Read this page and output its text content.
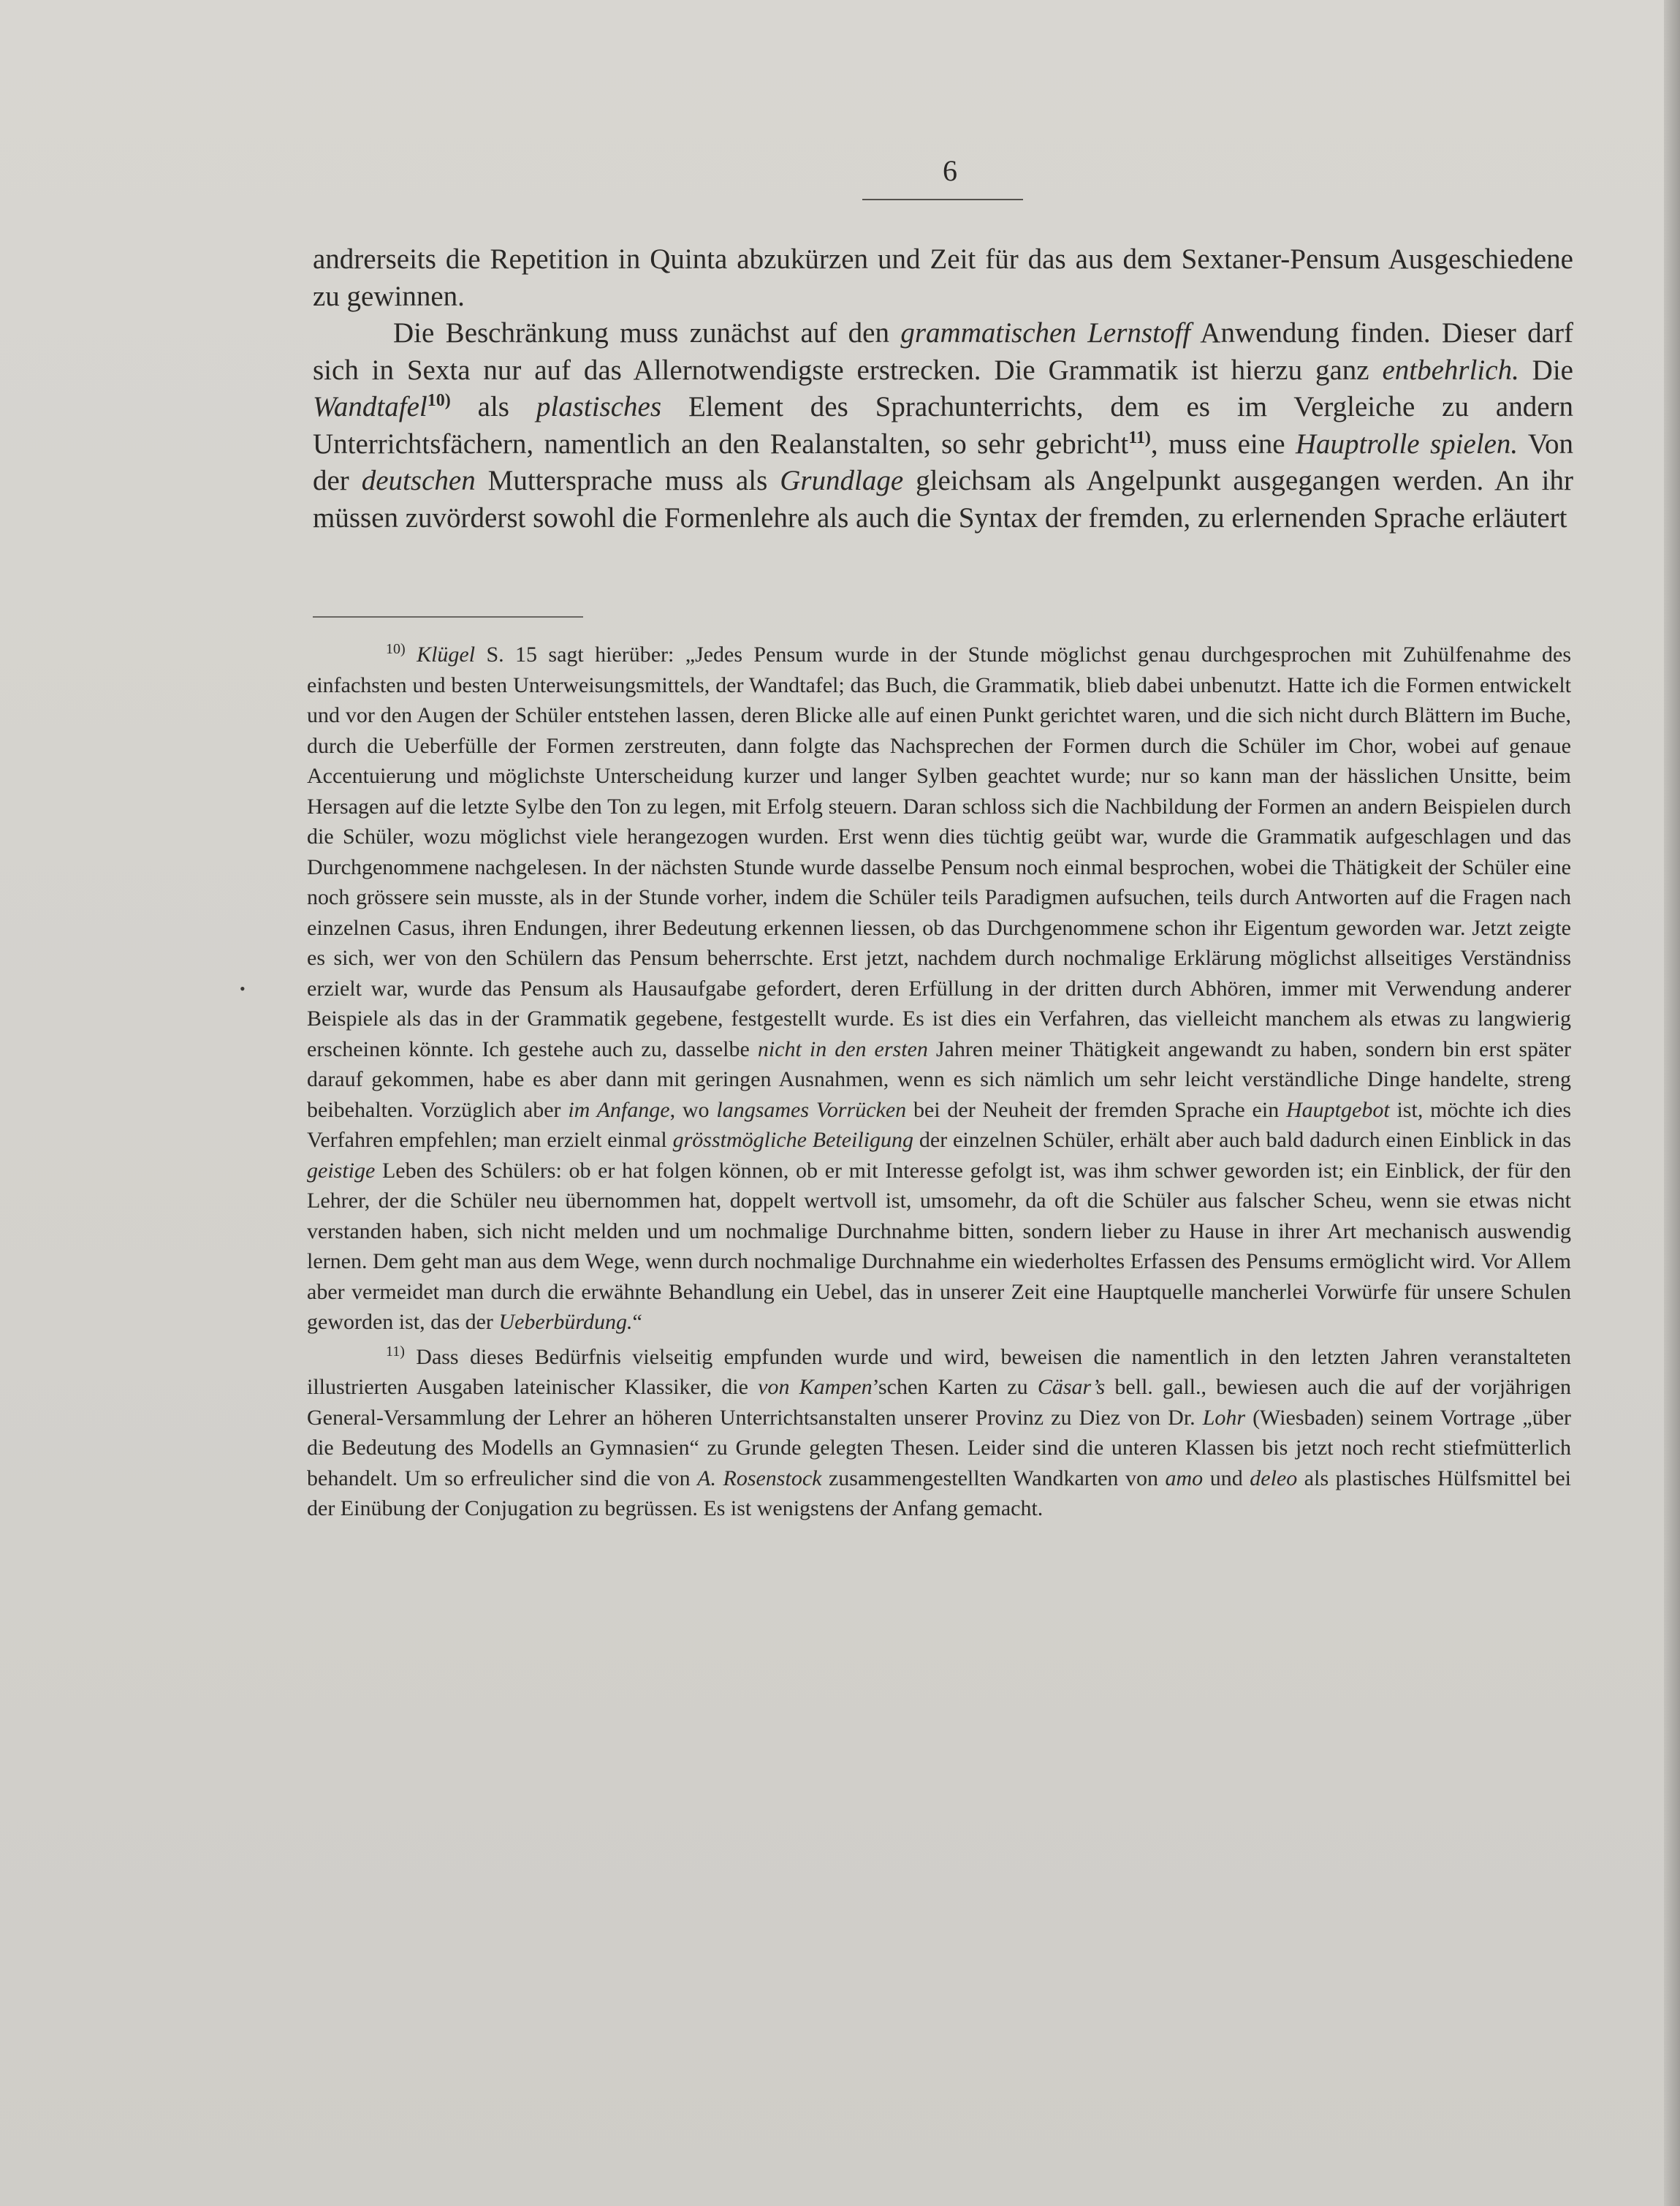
6

andrerseits die Repetition in Quinta abzukürzen und Zeit für das aus dem Sextaner-Pensum Ausgeschiedene zu gewinnen.

Die Beschränkung muss zunächst auf den grammatischen Lernstoff Anwendung finden. Dieser darf sich in Sexta nur auf das Allernotwendigste erstrecken. Die Grammatik ist hierzu ganz entbehrlich. Die Wandtafel$^{10)}$ als plastisches Element des Sprachunterrichts, dem es im Vergleiche zu andern Unterrichtsfächern, namentlich an den Realanstalten, so sehr gebricht$^{11)}$, muss eine Hauptrolle spielen. Von der deutschen Muttersprache muss als Grundlage gleichsam als Angelpunkt ausgegangen werden. An ihr müssen zuvörderst sowohl die Formenlehre als auch die Syntax der fremden, zu erlernenden Sprache erläutert

•

$^{10)}$ Klügel S. 15 sagt hierüber: „Jedes Pensum wurde in der Stunde möglichst genau durchgesprochen mit Zuhülfenahme des einfachsten und besten Unterweisungsmittels, der Wandtafel; das Buch, die Grammatik, blieb dabei unbenutzt. Hatte ich die Formen entwickelt und vor den Augen der Schüler entstehen lassen, deren Blicke alle auf einen Punkt gerichtet waren, und die sich nicht durch Blättern im Buche, durch die Ueberfülle der Formen zerstreuten, dann folgte das Nachsprechen der Formen durch die Schüler im Chor, wobei auf genaue Accentuierung und möglichste Unterscheidung kurzer und langer Sylben geachtet wurde; nur so kann man der hässlichen Unsitte, beim Hersagen auf die letzte Sylbe den Ton zu legen, mit Erfolg steuern. Daran schloss sich die Nachbildung der Formen an andern Beispielen durch die Schüler, wozu möglichst viele herangezogen wurden. Erst wenn dies tüchtig geübt war, wurde die Grammatik aufgeschlagen und das Durchgenommene nachgelesen. In der nächsten Stunde wurde dasselbe Pensum noch einmal besprochen, wobei die Thätigkeit der Schüler eine noch grössere sein musste, als in der Stunde vorher, indem die Schüler teils Paradigmen aufsuchen, teils durch Antworten auf die Fragen nach einzelnen Casus, ihren Endungen, ihrer Bedeutung erkennen liessen, ob das Durchgenommene schon ihr Eigentum geworden war. Jetzt zeigte es sich, wer von den Schülern das Pensum beherrschte. Erst jetzt, nachdem durch nochmalige Erklärung möglichst allseitiges Verständniss erzielt war, wurde das Pensum als Hausaufgabe gefordert, deren Erfüllung in der dritten durch Abhören, immer mit Verwendung anderer Beispiele als das in der Grammatik gegebene, festgestellt wurde. Es ist dies ein Verfahren, das vielleicht manchem als etwas zu langwierig erscheinen könnte. Ich gestehe auch zu, dasselbe nicht in den ersten Jahren meiner Thätigkeit angewandt zu haben, sondern bin erst später darauf gekommen, habe es aber dann mit geringen Ausnahmen, wenn es sich nämlich um sehr leicht verständliche Dinge handelte, streng beibehalten. Vorzüglich aber im Anfange, wo langsames Vorrücken bei der Neuheit der fremden Sprache ein Hauptgebot ist, möchte ich dies Verfahren empfehlen; man erzielt einmal grösstmögliche Beteiligung der einzelnen Schüler, erhält aber auch bald dadurch einen Einblick in das geistige Leben des Schülers: ob er hat folgen können, ob er mit Interesse gefolgt ist, was ihm schwer geworden ist; ein Einblick, der für den Lehrer, der die Schüler neu übernommen hat, doppelt wertvoll ist, umsomehr, da oft die Schüler aus falscher Scheu, wenn sie etwas nicht verstanden haben, sich nicht melden und um nochmalige Durchnahme bitten, sondern lieber zu Hause in ihrer Art mechanisch auswendig lernen. Dem geht man aus dem Wege, wenn durch nochmalige Durchnahme ein wiederholtes Erfassen des Pensums ermöglicht wird. Vor Allem aber vermeidet man durch die erwähnte Behandlung ein Uebel, das in unserer Zeit eine Hauptquelle mancherlei Vorwürfe für unsere Schulen geworden ist, das der Ueberbürdung.“

$^{11)}$ Dass dieses Bedürfnis vielseitig empfunden wurde und wird, beweisen die namentlich in den letzten Jahren veranstalteten illustrierten Ausgaben lateinischer Klassiker, die von Kampen’schen Karten zu Cäsar’s bell. gall., bewiesen auch die auf der vorjährigen General-Versammlung der Lehrer an höheren Unterrichtsanstalten unserer Provinz zu Diez von Dr. Lohr (Wiesbaden) seinem Vortrage „über die Bedeutung des Modells an Gymnasien“ zu Grunde gelegten Thesen. Leider sind die unteren Klassen bis jetzt noch recht stiefmütterlich behandelt. Um so erfreulicher sind die von A. Rosenstock zusammengestellten Wandkarten von amo und deleo als plastisches Hülfsmittel bei der Einübung der Conjugation zu begrüssen. Es ist wenigstens der Anfang gemacht.
